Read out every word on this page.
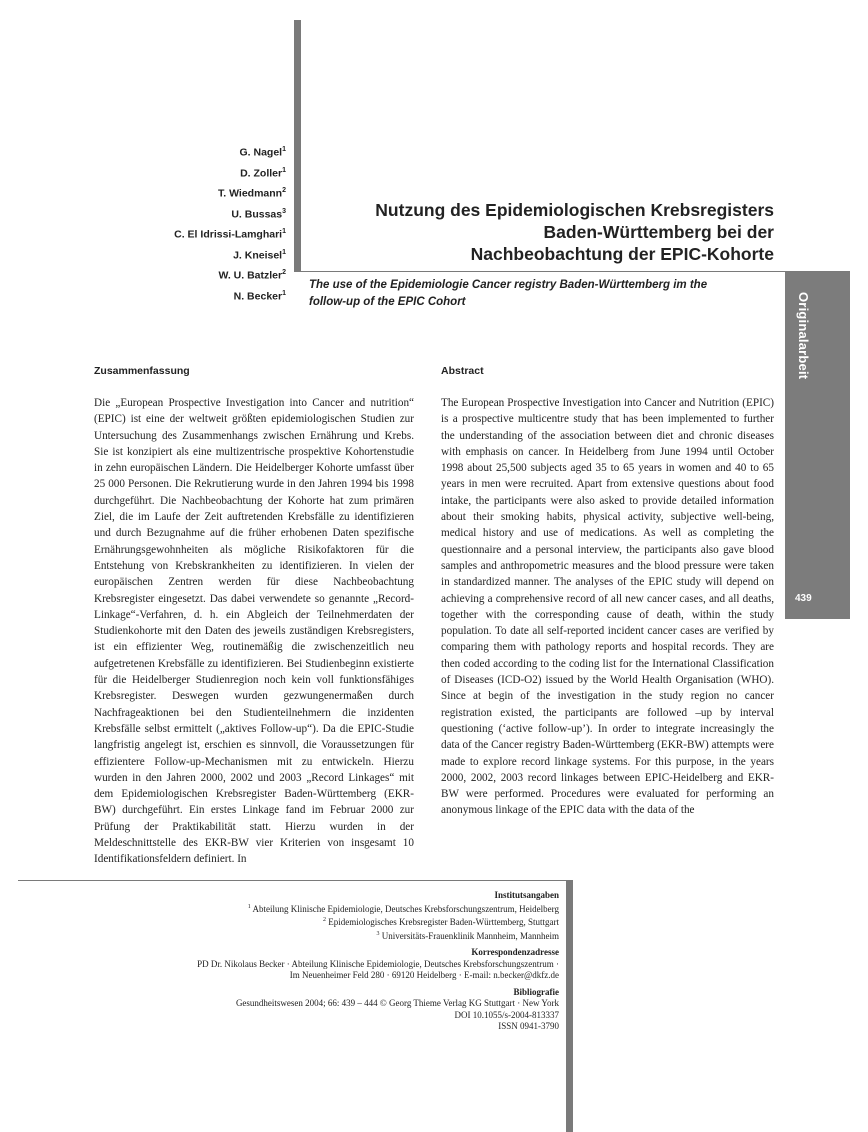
Originalarbeit
439
G. Nagel$^1$
D. Zoller$^1$
T. Wiedmann$^2$
U. Bussas$^3$
C. El Idrissi-Lamghari$^1$
J. Kneisel$^1$
W. U. Batzler$^2$
N. Becker$^1$
Nutzung des Epidemiologischen Krebsregisters
Baden-Württemberg bei der
Nachbeobachtung der EPIC-Kohorte
The use of the Epidemiologie Cancer registry Baden-Württemberg im the
follow-up of the EPIC Cohort
Zusammenfassung	Abstract
Die „European Prospective Investigation into Cancer and nutrition“ (EPIC) ist eine der weltweit größten epidemiologischen Studien zur Untersuchung des Zusammenhangs zwischen Ernährung und Krebs. Sie ist konzipiert als eine multizentrische prospektive Kohortenstudie in zehn europäischen Ländern. Die Heidelberger Kohorte umfasst über 25 000 Personen. Die Rekrutierung wurde in den Jahren 1994 bis 1998 durchgeführt. Die Nachbeobachtung der Kohorte hat zum primären Ziel, die im Laufe der Zeit auftretenden Krebsfälle zu identifizieren und durch Bezugnahme auf die früher erhobenen Daten spezifische Ernährungsgewohnheiten als mögliche Risikofaktoren für die Entstehung von Krebskrankheiten zu identifizieren. In vielen der europäischen Zentren werden für diese Nachbeobachtung Krebsregister eingesetzt. Das dabei verwendete so genannte „Record-Linkage“-Verfahren, d. h. ein Abgleich der Teilnehmerdaten der Studienkohorte mit den Daten des jeweils zuständigen Krebsregisters, ist ein effizienter Weg, routinemäßig die zwischenzeitlich neu aufgetretenen Krebsfälle zu identifizieren. Bei Studienbeginn existierte für die Heidelberger Studienregion noch kein voll funktionsfähiges Krebsregister. Deswegen wurden gezwungenermaßen durch Nachfrageaktionen bei den Studienteilnehmern die inzidenten Krebsfälle selbst ermittelt („aktives Follow-up“). Da die EPIC-Studie langfristig angelegt ist, erschien es sinnvoll, die Voraussetzungen für effizientere Follow-up-Mechanismen mit zu entwickeln. Hierzu wurden in den Jahren 2000, 2002 und 2003 „Record Linkages“ mit dem Epidemiologischen Krebsregister Baden-Württemberg (EKR-BW) durchgeführt. Ein erstes Linkage fand im Februar 2000 zur Prüfung der Praktikabilität statt. Hierzu wurden in der Meldeschnittstelle des EKR-BW vier Kriterien von insgesamt 10 Identifikationsfeldern definiert. In
The European Prospective Investigation into Cancer and Nutrition (EPIC) is a prospective multicentre study that has been implemented to further the understanding of the association between diet and chronic diseases with emphasis on cancer. In Heidelberg from June 1994 until October 1998 about 25,500 subjects aged 35 to 65 years in women and 40 to 65 years in men were recruited. Apart from extensive questions about food intake, the participants were also asked to provide detailed information about their smoking habits, physical activity, subjective well-being, medical history and use of medications. As well as completing the questionnaire and a personal interview, the participants also gave blood samples and anthropometric measures and the blood pressure were taken in standardized manner. The analyses of the EPIC study will depend on achieving a comprehensive record of all new cancer cases, and all deaths, together with the corresponding cause of death, within the study population. To date all self-reported incident cancer cases are verified by comparing them with pathology reports and hospital records. They are then coded according to the coding list for the International Classification of Diseases (ICD-O2) issued by the World Health Organisation (WHO). Since at begin of the investigation in the study region no cancer registration existed, the participants are followed –up by interval questioning (‘active follow-up’). In order to integrate increasingly the data of the Cancer registry Baden-Württemberg (EKR-BW) attempts were made to explore record linkage systems. For this purpose, in the years 2000, 2002, 2003 record linkages between EPIC-Heidelberg and EKR-BW were performed. Procedures were evaluated for performing an anonymous linkage of the EPIC data with the data of the
Institutsangaben
$^1$ Abteilung Klinische Epidemiologie, Deutsches Krebsforschungszentrum, Heidelberg
$^2$ Epidemiologisches Krebsregister Baden-Württemberg, Stuttgart
$^3$ Universitäts-Frauenklinik Mannheim, Mannheim
Korrespondenzadresse
PD Dr. Nikolaus Becker · Abteilung Klinische Epidemiologie, Deutsches Krebsforschungszentrum ·
Im Neuenheimer Feld 280 · 69120 Heidelberg · E-mail: n.becker@dkfz.de
Bibliografie
Gesundheitswesen 2004; 66: 439 – 444 © Georg Thieme Verlag KG Stuttgart · New York
DOI 10.1055/s-2004-813337
ISSN 0941-3790
